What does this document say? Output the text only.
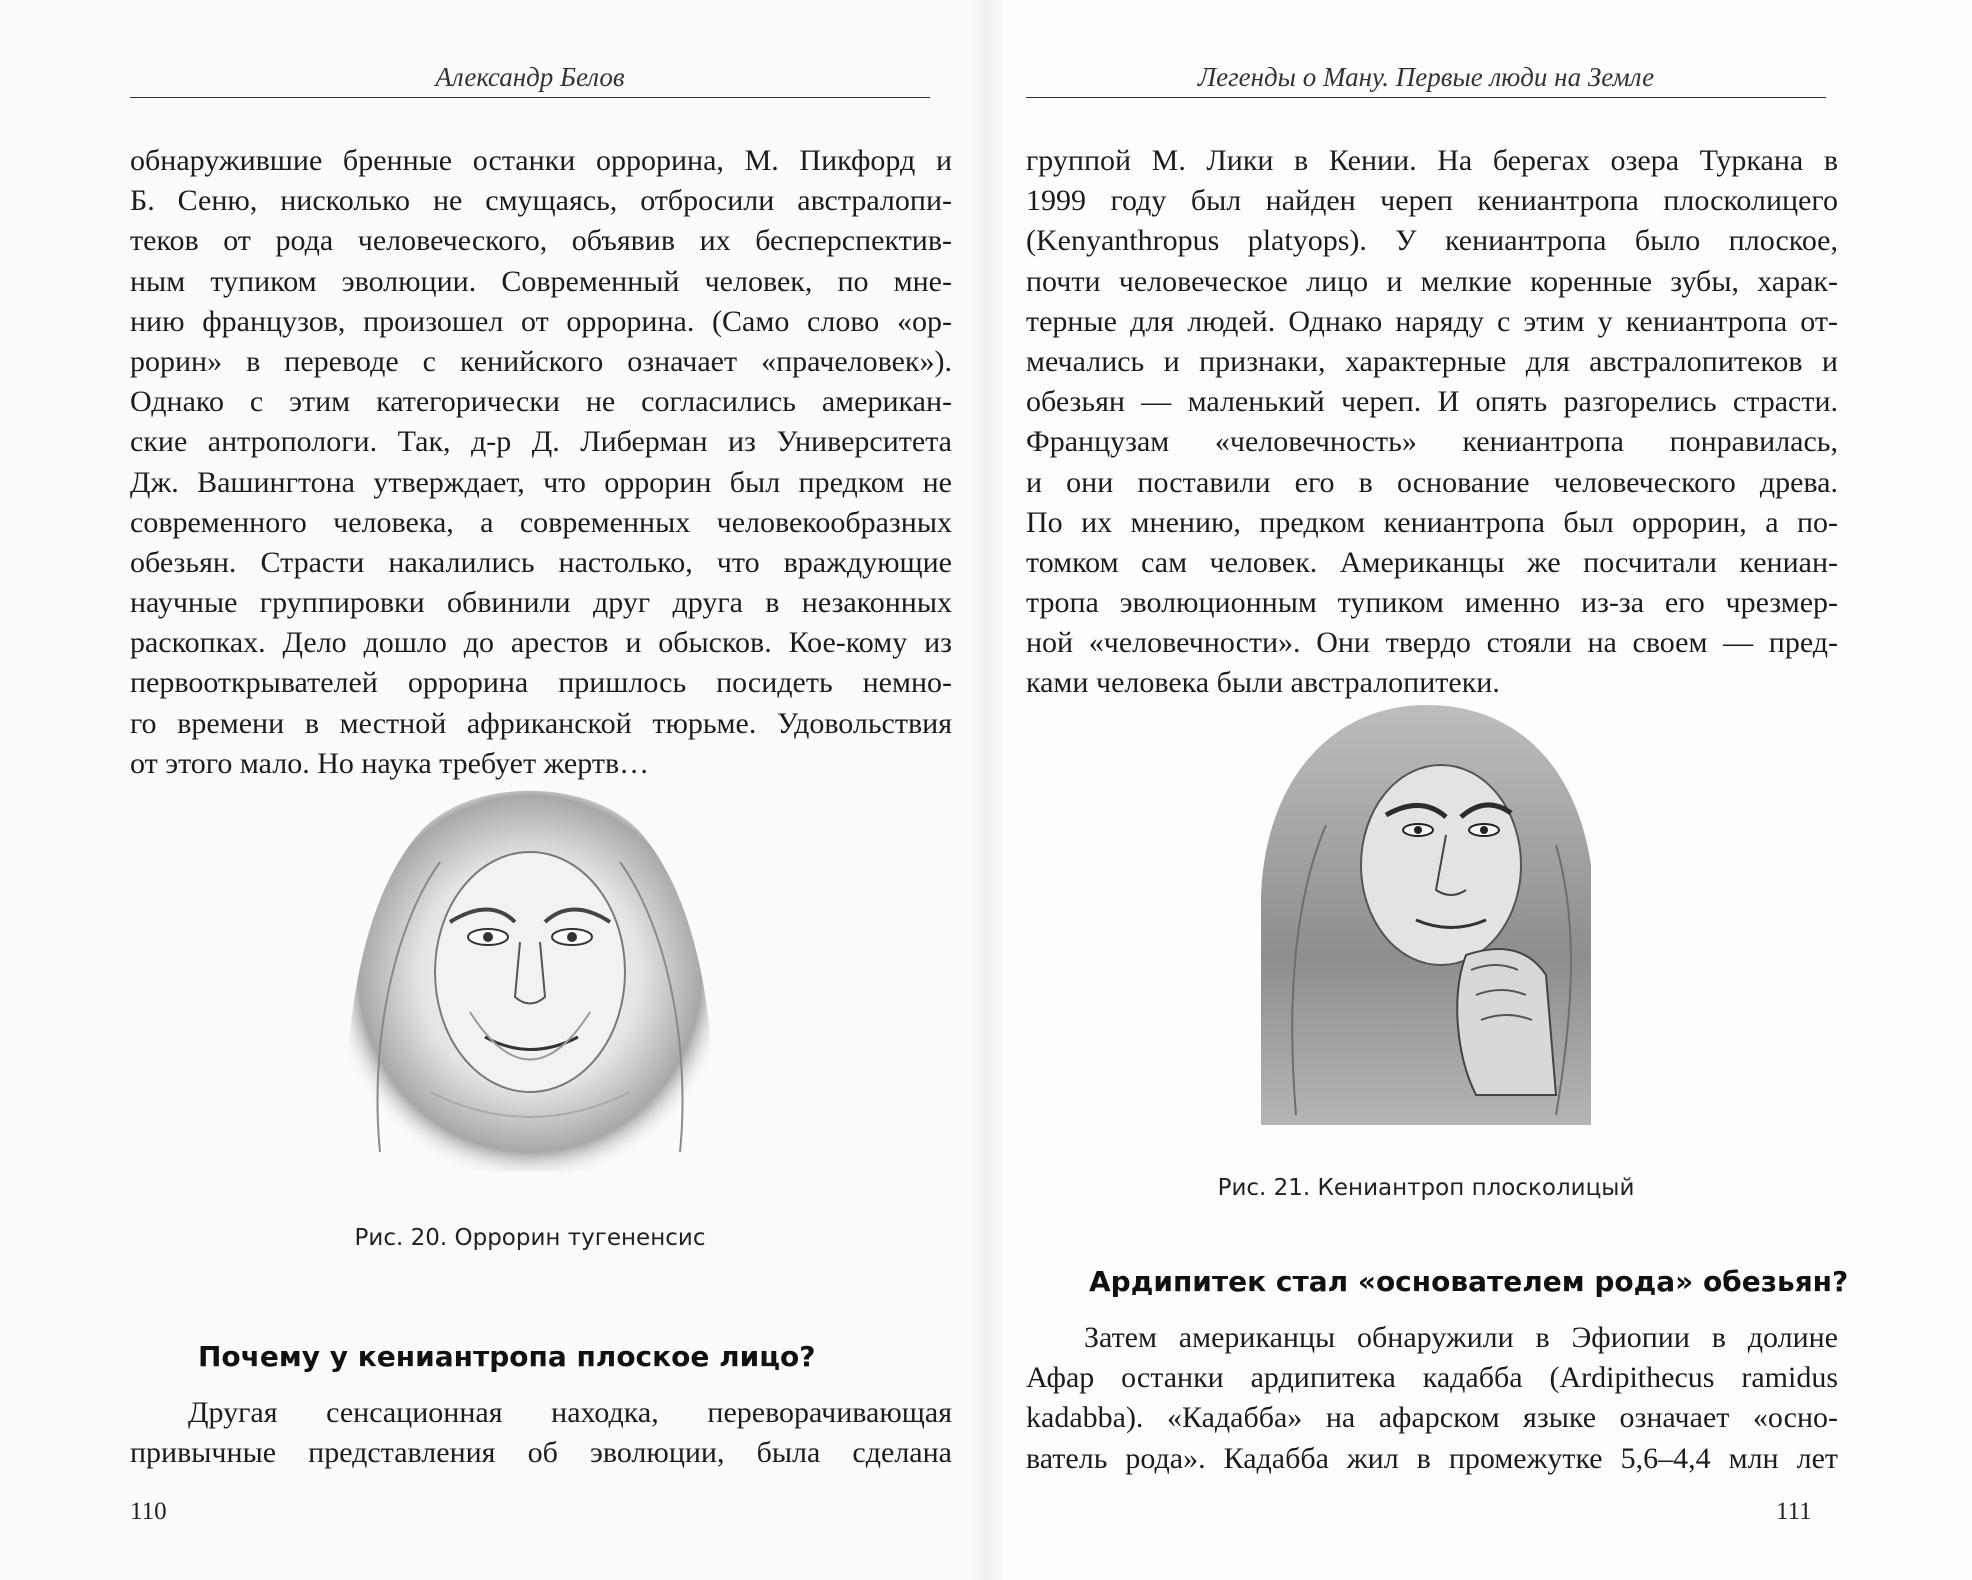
Александр Белов
обнаружившие бренные останки оррорина, М. Пикфорд и
Б. Сеню, нисколько не смущаясь, отбросили австралопи-
теков от рода человеческого, объявив их бесперспектив-
ным тупиком эволюции. Современный человек, по мне-
нию французов, произошел от оррорина. (Само слово «ор-
рорин» в переводе с кенийского означает «прачеловек»).
Однако с этим категорически не согласились американ-
ские антропологи. Так, д-р Д. Либерман из Университета
Дж. Вашингтона утверждает, что оррорин был предком не
современного человека, а современных человекообразных
обезьян. Страсти накалились настолько, что враждующие
научные группировки обвинили друг друга в незаконных
раскопках. Дело дошло до арестов и обысков. Кое-кому из
первооткрывателей оррорина пришлось посидеть немно-
го времени в местной африканской тюрьме. Удовольствия
от этого мало. Но наука требует жертв…
Рис. 20. Оррорин тугененсис
Почему у кениантропа плоское лицо?
Другая сенсационная находка, переворачивающая
привычные представления об эволюции, была сделана
110
Легенды о Ману. Первые люди на Земле
группой М. Лики в Кении. На берегах озера Туркана в
1999 году был найден череп кениантропа плосколицего
(Kenyanthropus platyops). У кениантропа было плоское,
почти человеческое лицо и мелкие коренные зубы, харак-
терные для людей. Однако наряду с этим у кениантропа от-
мечались и признаки, характерные для австралопитеков и
обезьян — маленький череп. И опять разгорелись страсти.
Французам «человечность» кениантропа понравилась,
и они поставили его в основание человеческого древа.
По их мнению, предком кениантропа был оррорин, а по-
томком сам человек. Американцы же посчитали кениан-
тропа эволюционным тупиком именно из-за его чрезмер-
ной «человечности». Они твердо стояли на своем — пред-
ками человека были австралопитеки.
Рис. 21. Кениантроп плосколицый
Ардипитек стал «основателем рода» обезьян?
Затем американцы обнаружили в Эфиопии в долине
Афар останки ардипитека кадабба (Ardipithecus ramidus
kadabba). «Кадабба» на афарском языке означает «осно-
ватель рода». Кадабба жил в промежутке 5,6–4,4 млн лет
111
